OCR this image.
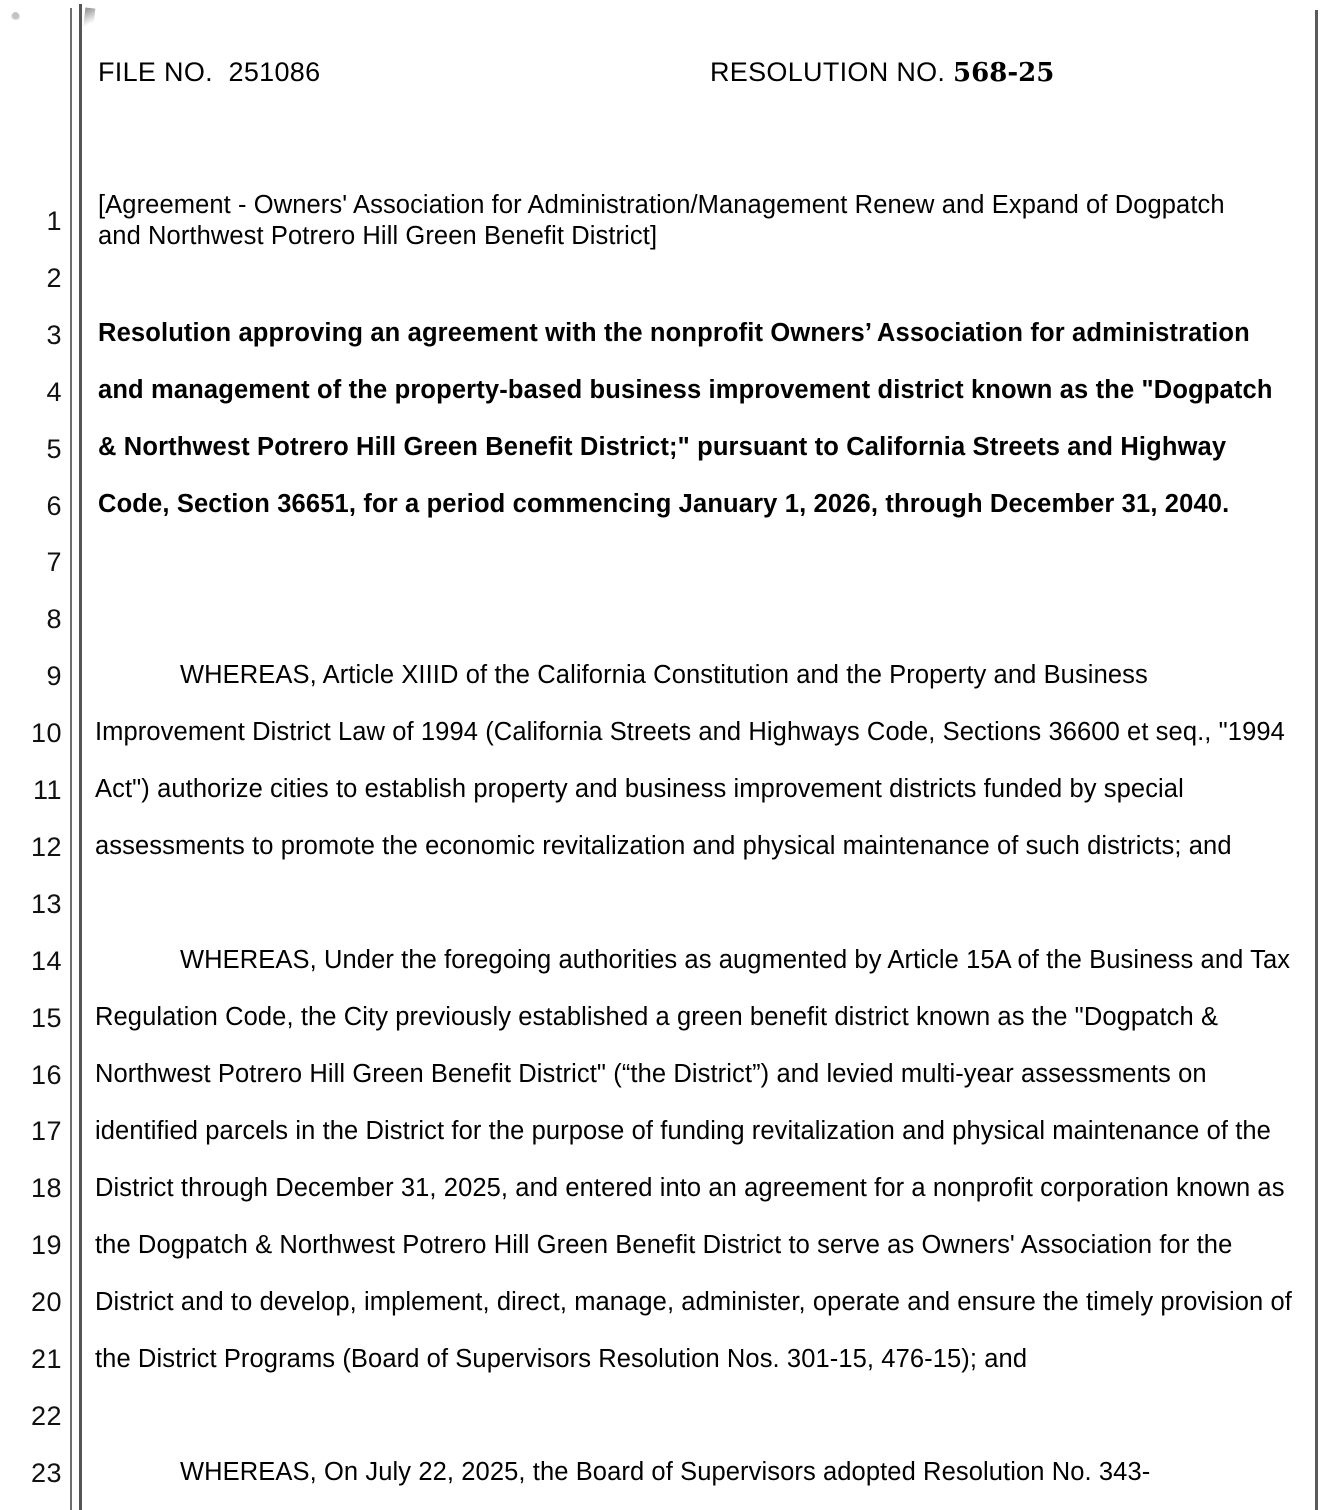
1
2
3
4
5
6
7
8
9
10
11
12
13
14
15
16
17
18
19
20
21
22
23
FILE NO. 251086	RESOLUTION NO. 568-25
[Agreement - Owners' Association for Administration/Management Renew and Expand of Dogpatch and Northwest Potrero Hill Green Benefit District]
Resolution approving an agreement with the nonprofit Owners’ Association for administration and management of the property-based business improvement district known as the "Dogpatch & Northwest Potrero Hill Green Benefit District;" pursuant to California Streets and Highway Code, Section 36651, for a period commencing January 1, 2026, through December 31, 2040.
WHEREAS, Article XIIID of the California Constitution and the Property and Business Improvement District Law of 1994 (California Streets and Highways Code, Sections 36600 et seq., "1994 Act") authorize cities to establish property and business improvement districts funded by special assessments to promote the economic revitalization and physical maintenance of such districts; and
WHEREAS, Under the foregoing authorities as augmented by Article 15A of the Business and Tax Regulation Code, the City previously established a green benefit district known as the "Dogpatch & Northwest Potrero Hill Green Benefit District" (“the District”) and levied multi-year assessments on identified parcels in the District for the purpose of funding revitalization and physical maintenance of the District through December 31, 2025, and entered into an agreement for a nonprofit corporation known as the Dogpatch & Northwest Potrero Hill Green Benefit District to serve as Owners' Association for the District and to develop, implement, direct, manage, administer, operate and ensure the timely provision of the District Programs (Board of Supervisors Resolution Nos. 301-15, 476-15); and
WHEREAS, On July 22, 2025, the Board of Supervisors adopted Resolution No. 343-
